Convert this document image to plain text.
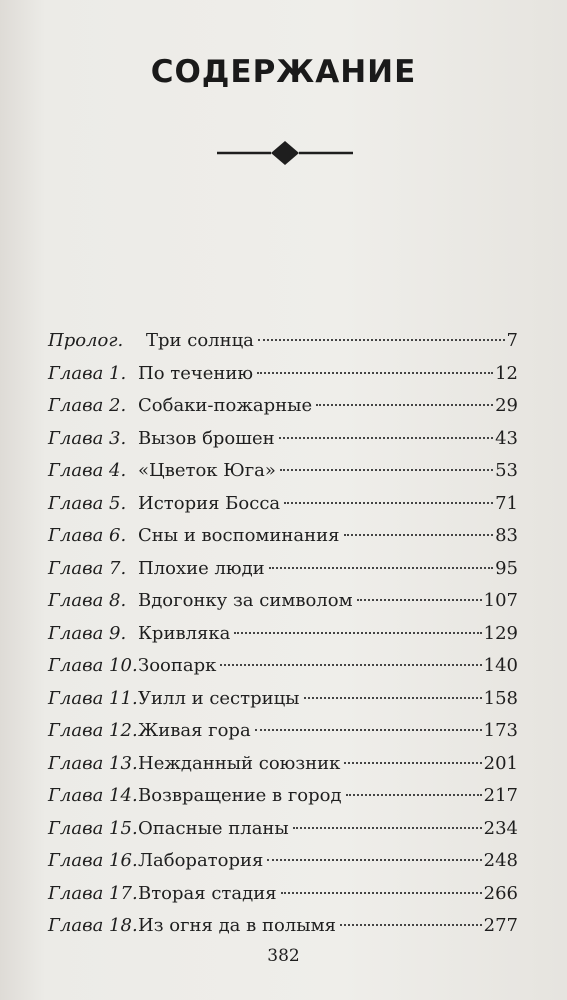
СОДЕРЖАНИЕ
Пролог.	Три солнца	7
Глава 1. По течению	12
Глава 2. Собаки-пожарные	29
Глава 3. Вызов брошен	43
Глава 4. «Цветок Юга»	53
Глава 5. История Босса	71
Глава 6. Сны и воспоминания	83
Глава 7. Плохие люди	95
Глава 8. Вдогонку за символом	107
Глава 9. Кривляка	129
Глава 10. Зоопарк	140
Глава 11. Уилл и сестрицы	158
Глава 12. Живая гора	173
Глава 13. Нежданный союзник	201
Глава 14. Возвращение в город	217
Глава 15. Опасные планы	234
Глава 16. Лаборатория	248
Глава 17. Вторая стадия	266
Глава 18. Из огня да в полымя	277
382
